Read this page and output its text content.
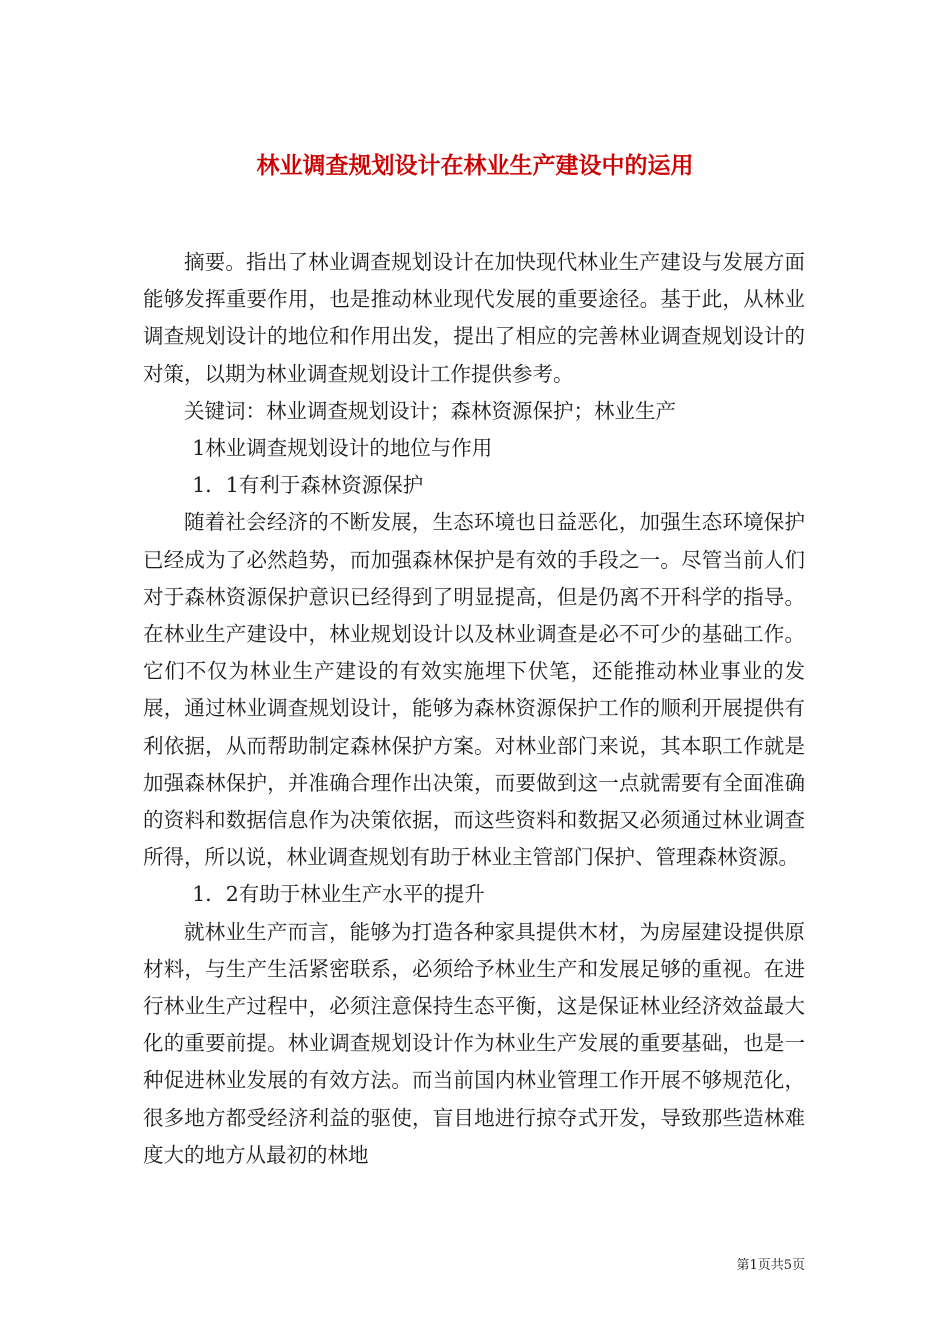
林业调查规划设计在林业生产建设中的运用

摘要。指出了林业调查规划设计在加快现代林业生产建设与发展方面能够发挥重要作用，也是推动林业现代发展的重要途径。基于此，从林业调查规划设计的地位和作用出发，提出了相应的完善林业调查规划设计的对策，以期为林业调查规划设计工作提供参考。

关键词：林业调查规划设计；森林资源保护；林业生产

1林业调查规划设计的地位与作用

1．1有利于森林资源保护

随着社会经济的不断发展，生态环境也日益恶化，加强生态环境保护已经成为了必然趋势，而加强森林保护是有效的手段之一。尽管当前人们对于森林资源保护意识已经得到了明显提高，但是仍离不开科学的指导。在林业生产建设中，林业规划设计以及林业调查是必不可少的基础工作。它们不仅为林业生产建设的有效实施埋下伏笔，还能推动林业事业的发展，通过林业调查规划设计，能够为森林资源保护工作的顺利开展提供有利依据，从而帮助制定森林保护方案。对林业部门来说，其本职工作就是加强森林保护，并准确合理作出决策，而要做到这一点就需要有全面准确的资料和数据信息作为决策依据，而这些资料和数据又必须通过林业调查所得，所以说，林业调查规划有助于林业主管部门保护、管理森林资源。

1．2有助于林业生产水平的提升

就林业生产而言，能够为打造各种家具提供木材，为房屋建设提供原材料，与生产生活紧密联系，必须给予林业生产和发展足够的重视。在进行林业生产过程中，必须注意保持生态平衡，这是保证林业经济效益最大化的重要前提。林业调查规划设计作为林业生产发展的重要基础，也是一种促进林业发展的有效方法。而当前国内林业管理工作开展不够规范化，很多地方都受经济利益的驱使，盲目地进行掠夺式开发，导致那些造林难度大的地方从最初的林地

第1页共5页
